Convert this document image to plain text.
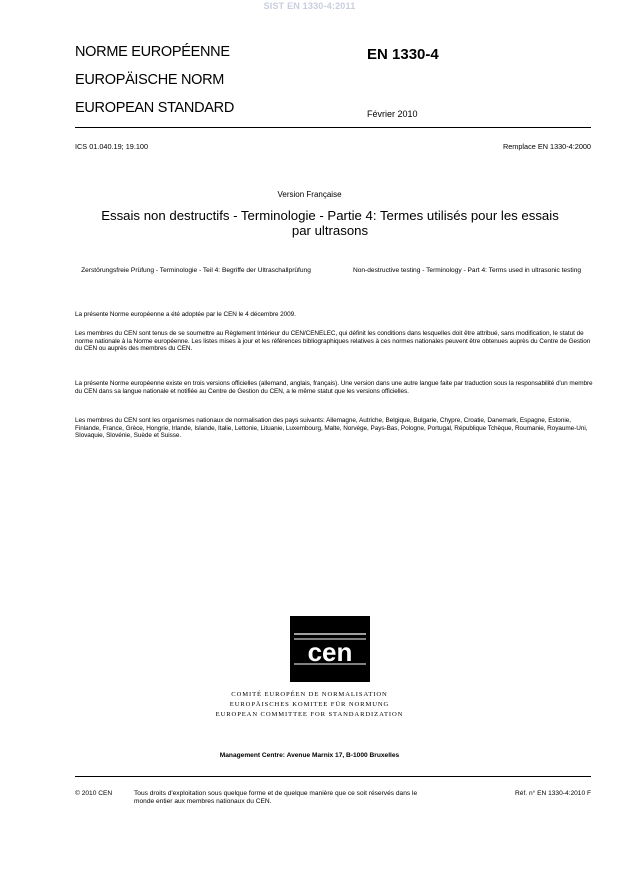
SIST EN 1330-4:2011
NORME EUROPÉENNE
EUROPÄISCHE NORM
EUROPEAN STANDARD
EN 1330-4
Février 2010
ICS 01.040.19; 19.100	Remplace EN 1330-4:2000
Version Française
Essais non destructifs - Terminologie - Partie 4: Termes utilisés pour les essais par ultrasons
Zerstörungsfreie Prüfung - Terminologie - Teil 4: Begriffe der Ultraschallprüfung	Non-destructive testing - Terminology - Part 4: Terms used in ultrasonic testing
La présente Norme européenne a été adoptée par le CEN le 4 décembre 2009.
Les membres du CEN sont tenus de se soumettre au Règlement Intérieur du CEN/CENELEC, qui définit les conditions dans lesquelles doit être attribué, sans modification, le statut de norme nationale à la Norme européenne. Les listes mises à jour et les références bibliographiques relatives à ces normes nationales peuvent être obtenues auprès du Centre de Gestion du CEN ou auprès des membres du CEN.
La présente Norme européenne existe en trois versions officielles (allemand, anglais, français). Une version dans une autre langue faite par traduction sous la responsabilité d'un membre du CEN dans sa langue nationale et notifiée au Centre de Gestion du CEN, a le même statut que les versions officielles.
Les membres du CEN sont les organismes nationaux de normalisation des pays suivants: Allemagne, Autriche, Belgique, Bulgarie, Chypre, Croatie, Danemark, Espagne, Estonie, Finlande, France, Grèce, Hongrie, Irlande, Islande, Italie, Lettonie, Lituanie, Luxembourg, Malte, Norvège, Pays-Bas, Pologne, Portugal, République Tchèque, Roumanie, Royaume-Uni, Slovaquie, Slovénie, Suède et Suisse.
cen
COMITÉ EUROPÉEN DE NORMALISATION
EUROPÄISCHES KOMITEE FÜR NORMUNG
EUROPEAN COMMITTEE FOR STANDARDIZATION
Management Centre: Avenue Marnix 17, B-1000 Bruxelles
© 2010 CEN	Tous droits d'exploitation sous quelque forme et de quelque manière que ce soit réservés dans le monde entier aux membres nationaux du CEN.
Réf. n° EN 1330-4:2010 F
